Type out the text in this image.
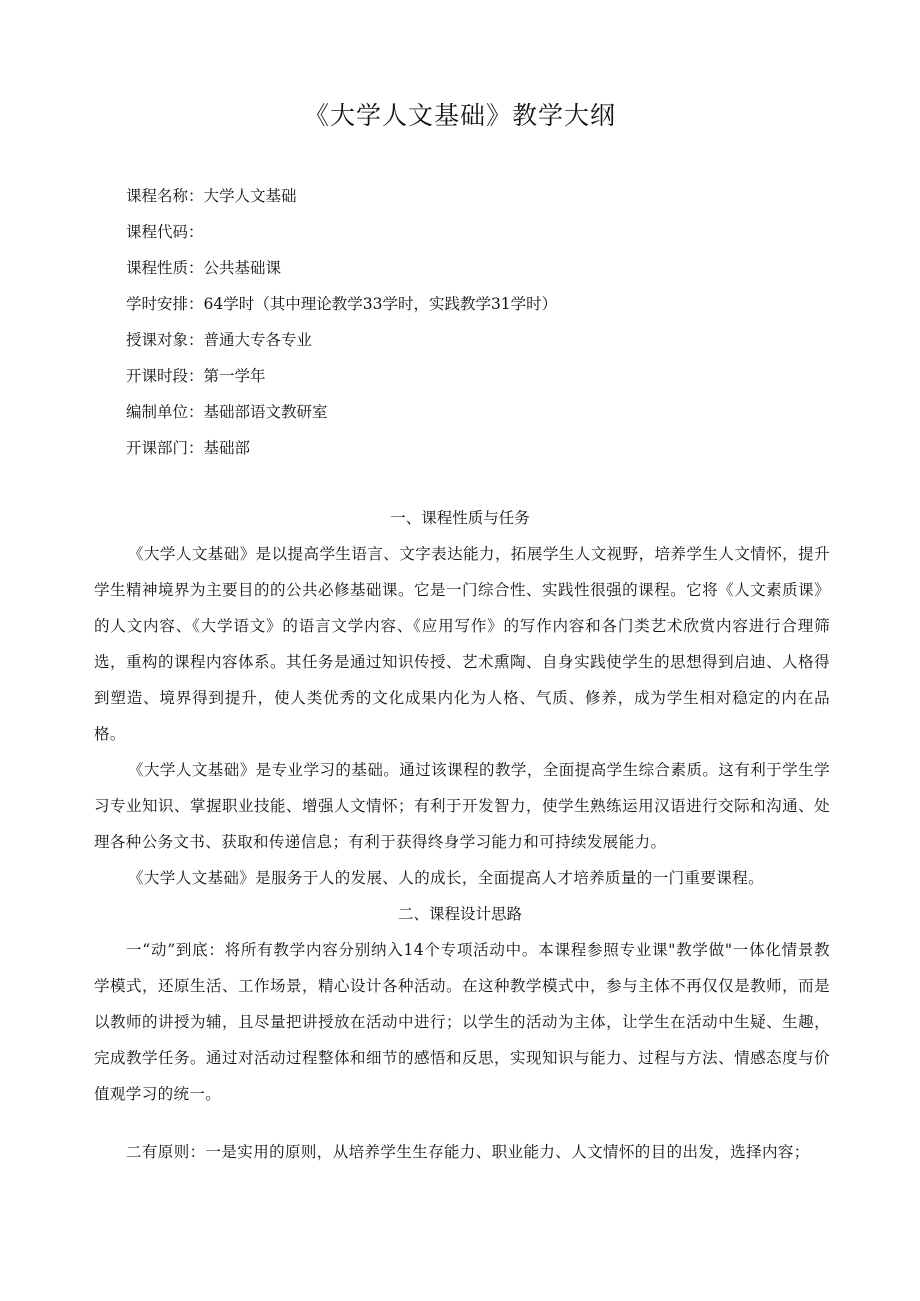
《大学人文基础》教学大纲
课程名称：大学人文基础
课程代码：
课程性质：公共基础课
学时安排：64学时（其中理论教学33学时，实践教学31学时）
授课对象：普通大专各专业
开课时段：第一学年
编制单位：基础部语文教研室
开课部门：基础部
一、课程性质与任务

《大学人文基础》是以提高学生语言、文字表达能力，拓展学生人文视野，培养学生人文情怀，提升学生精神境界为主要目的的公共必修基础课。它是一门综合性、实践性很强的课程。它将《人文素质课》的人文内容、《大学语文》的语言文学内容、《应用写作》的写作内容和各门类艺术欣赏内容进行合理筛选，重构的课程内容体系。其任务是通过知识传授、艺术熏陶、自身实践使学生的思想得到启迪、人格得到塑造、境界得到提升，使人类优秀的文化成果内化为人格、气质、修养，成为学生相对稳定的内在品格。

《大学人文基础》是专业学习的基础。通过该课程的教学，全面提高学生综合素质。这有利于学生学习专业知识、掌握职业技能、增强人文情怀；有利于开发智力，使学生熟练运用汉语进行交际和沟通、处理各种公务文书、获取和传递信息；有利于获得终身学习能力和可持续发展能力。

《大学人文基础》是服务于人的发展、人的成长，全面提高人才培养质量的一门重要课程。

二、课程设计思路

一“动”到底：将所有教学内容分别纳入14个专项活动中。本课程参照专业课"教学做"一体化情景教学模式，还原生活、工作场景，精心设计各种活动。在这种教学模式中，参与主体不再仅仅是教师，而是以教师的讲授为辅，且尽量把讲授放在活动中进行；以学生的活动为主体，让学生在活动中生疑、生趣，完成教学任务。通过对活动过程整体和细节的感悟和反思，实现知识与能力、过程与方法、情感态度与价值观学习的统一。

二有原则：一是实用的原则，从培养学生生存能力、职业能力、人文情怀的目的出发，选择内容；
